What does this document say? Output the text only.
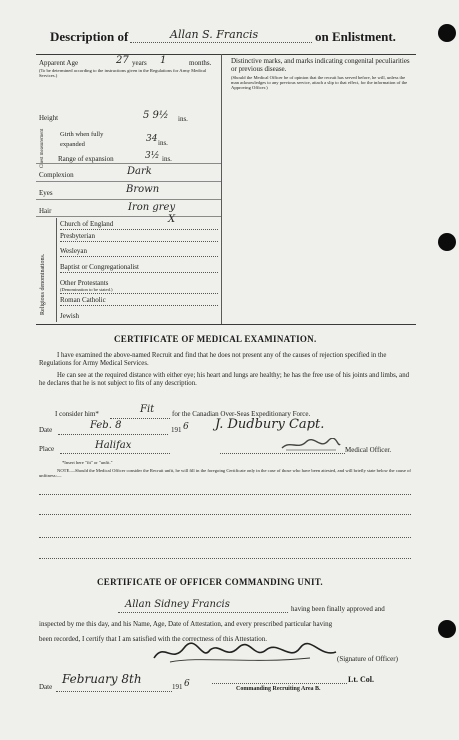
Description of	Allan S. Francis	on Enlistment.
Apparent Age	27 years 1	months.
(To be determined according to the instructions given in the Regulations for Army Medical Services.)
Distinctive marks, and marks indicating congenital peculiarities or previous disease.
(Should the Medical Officer be of opinion that the recruit has served before, he will, unless the man acknowledges to any previous service, attach a slip to that effect, for the information of the Approving Officer.)
Height	5 9½ ins.
Chest measurement Girth when fully expanded
34 ins.
Range of expansion	3½ ins.
Complexion	Dark
Eyes	Brown
Hair	Iron grey
Religious denominations.
Church of England	X
Presbyterian
Wesleyan
Baptist or Congregationalist
Other Protestants
(Denomination to be stated.)
Roman Catholic
Jewish
CERTIFICATE OF MEDICAL EXAMINATION.
I have examined the above-named Recruit and find that he does not present any of the causes of rejection specified in the Regulations for Army Medical Services.
He can see at the required distance with either eye; his heart and lungs are healthy; he has the free use of his joints and limbs, and he declares that he is not subject to fits of any description.
I consider him*	Fit	for the Canadian Over-Seas Expeditionary Force.
Date	Feb. 8	191 6 J. Dudbury Capt.
Place	Halifax	Medical Officer.
*Insert here "fit" or "unfit."
NOTE.—Should the Medical Officer consider the Recruit unfit, he will fill in the foregoing Certificate only in the case of those who have been attested, and will briefly state below the cause of unfitness:—
CERTIFICATE OF OFFICER COMMANDING UNIT.
Allan Sidney Francis	having been finally approved and
inspected by me this day, and his Name, Age, Date of Attestation, and every prescribed particular having
been recorded, I certify that I am satisfied with the correctness of this Attestation.
(Signature of Officer)
Date
February 8th
191 6	Lt. Col.
Commanding Recruiting Area B.
